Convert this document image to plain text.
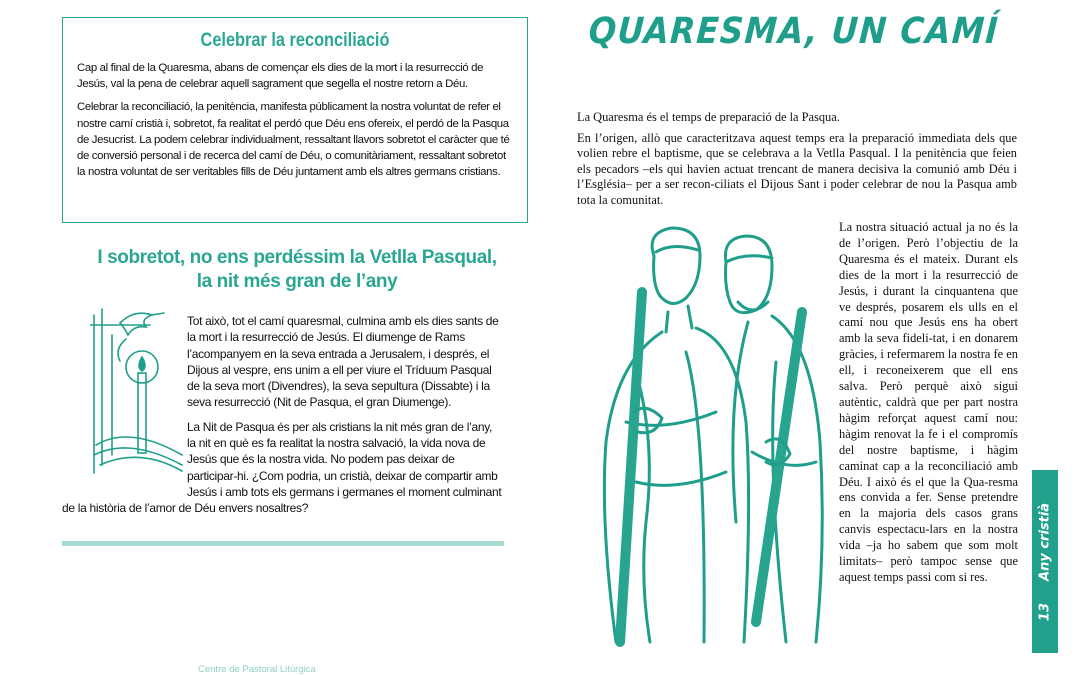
Celebrar la reconciliació

Cap al final de la Quaresma, abans de començar els dies de la mort i la resurrecció de Jesús, val la pena de celebrar aquell sagrament que segella el nostre retorn a Déu.

Celebrar la reconciliació, la penitència, manifesta públicament la nostra voluntat de refer el nostre camí cristià i, sobretot, fa realitat el perdó que Déu ens ofereix, el perdó de la Pasqua de Jesucrist. La podem celebrar individualment, ressaltant llavors sobretot el caràcter que té de conversió personal i de recerca del camí de Déu, o comunitàriament, ressaltant sobretot la nostra voluntat de ser veritables fills de Déu juntament amb els altres germans cristians.

I sobretot, no ens perdéssim la Vetlla Pasqual,
la nit més gran de l’any

Tot això, tot el camí quaresmal, culmina amb els dies sants de la mort i la resurrecció de Jesús. El diumenge de Rams l’acompanyem en la seva entrada a Jerusalem, i després, el Dijous al vespre, ens unim a ell per viure el Tríduum Pasqual de la seva mort (Divendres), la seva sepultura (Dissabte) i la seva resurrecció (Nit de Pasqua, el gran Diumenge).

La Nit de Pasqua és per als cristians la nit més gran de l’any, la nit en què es fa realitat la nostra salvació, la vida nova de Jesús que és la nostra vida. No podem pas deixar de participar-hi. ¿Com podria, un cristià, deixar de compartir amb Jesús i amb tots els germans i germanes el moment culminant de la història de l’amor de Déu envers nosaltres?

Centre de Pastoral Litúrgica
QUARESMA, UN CAMÍ

La Quaresma és el temps de preparació de la Pasqua.

En l’origen, allò que caracteritzava aquest temps era la preparació immediata dels que volien rebre el baptisme, que se celebrava a la Vetlla Pasqual. I la penitència que feien els pecadors –els qui havien actuat trencant de manera decisiva la comunió amb Déu i l’Església– per a ser recon-ciliats el Dijous Sant i poder celebrar de nou la Pasqua amb tota la comunitat.

La nostra situació actual ja no és la de l’origen. Però l’objectiu de la Quaresma és el mateix. Durant els dies de la mort i la resurrecció de Jesús, i durant la cinquantena que ve després, posarem els ulls en el camí nou que Jesús ens ha obert amb la seva fideli-tat, i en donarem gràcies, i refermarem la nostra fe en ell, i reconeixerem que ell ens salva. Però perquè això sigui autèntic, caldrà que per part nostra hàgim reforçat aquest camí nou: hàgim renovat la fe i el compromís del nostre baptisme, i hàgim caminat cap a la reconciliació amb Déu. I això és el que la Qua-resma ens convida a fer. Sense pretendre en la majoria dels casos grans canvis espectacu-lars en la nostra vida –ja ho sabem que som molt limitats– però tampoc sense que aquest temps passi com si res.
13Any cristià
